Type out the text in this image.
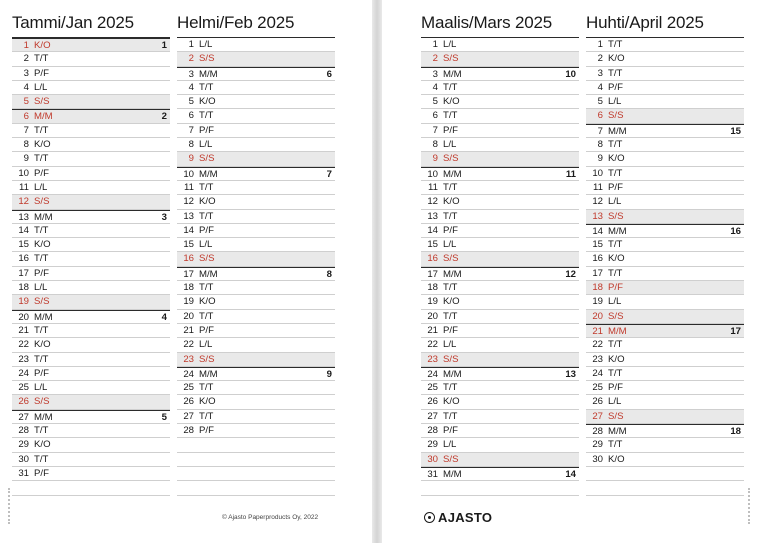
Tammi/Jan 2025
1 K/O	1
2 T/T
3 P/F
4 L/L
5 S/S
6 M/M	2
7 T/T
8 K/O
9 T/T
10 P/F
11 L/L
12 S/S
13 M/M	3
14 T/T
15 K/O
16 T/T
17 P/F
18 L/L
19 S/S
20 M/M	4
21 T/T
22 K/O
23 T/T
24 P/F
25 L/L
26 S/S
27 M/M	5
28 T/T
29 K/O
30 T/T
31 P/F

Helmi/Feb 2025
1 L/L
2 S/S
3 M/M	6
4 T/T
5 K/O
6 T/T
7 P/F
8 L/L
9 S/S
10 M/M	7
11 T/T
12 K/O
13 T/T
14 P/F
15 L/L
16 S/S
17 M/M	8
18 T/T
19 K/O
20 T/T
21 P/F
22 L/L
23 S/S
24 M/M	9
25 T/T
26 K/O
27 T/T
28 P/F

Maalis/Mars 2025
1 L/L
2 S/S
3 M/M	10
4 T/T
5 K/O
6 T/T
7 P/F
8 L/L
9 S/S
10 M/M	11
11 T/T
12 K/O
13 T/T
14 P/F
15 L/L
16 S/S
17 M/M	12
18 T/T
19 K/O
20 T/T
21 P/F
22 L/L
23 S/S
24 M/M	13
25 T/T
26 K/O
27 T/T
28 P/F
29 L/L
30 S/S
31 M/M	14

Huhti/April 2025
1 T/T
2 K/O
3 T/T
4 P/F
5 L/L
6 S/S
7 M/M	15
8 T/T
9 K/O
10 T/T
11 P/F
12 L/L
13 S/S
14 M/M	16
15 T/T
16 K/O
17 T/T
18 P/F
19 L/L
20 S/S
21 M/M	17
22 T/T
23 K/O
24 T/T
25 P/F
26 L/L
27 S/S
28 M/M	18
29 T/T
30 K/O

© Ajasto Paperproducts Oy, 2022	AJASTO
